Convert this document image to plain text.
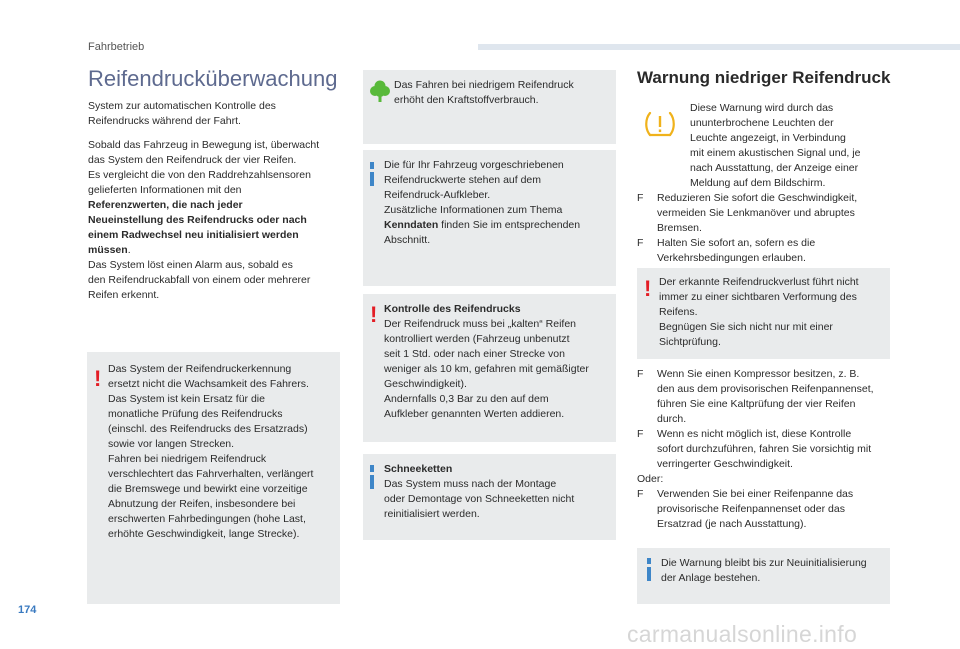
Fahrbetrieb
174
carmanualsonline.info
Reifendrucküberwachung
System zur automatischen Kontrolle des Reifendrucks während der Fahrt.
Sobald das Fahrzeug in Bewegung ist, überwacht
das System den Reifendruck der vier Reifen.
Es vergleicht die von den Raddrehzahlsensoren
gelieferten Informationen mit den
Referenzwerten, die nach jeder
Neueinstellung des Reifendrucks oder nach
einem Radwechsel neu initialisiert werden
müssen.
Das System löst einen Alarm aus, sobald es
den Reifendruckabfall von einem oder mehrerer
Reifen erkennt.
! Das System der Reifendruckerkennung
ersetzt nicht die Wachsamkeit des Fahrers.
Das System ist kein Ersatz für die
monatliche Prüfung des Reifendrucks
(einschl. des Reifendrucks des Ersatzrads)
sowie vor langen Strecken.
Fahren bei niedrigem Reifendruck
verschlechtert das Fahrverhalten, verlängert
die Bremswege und bewirkt eine vorzeitige
Abnutzung der Reifen, insbesondere bei
erschwerten Fahrbedingungen (hohe Last,
erhöhte Geschwindigkeit, lange Strecke).
Das Fahren bei niedrigem Reifendruck
erhöht den Kraftstoffverbrauch.
Die für Ihr Fahrzeug vorgeschriebenen
Reifendruckwerte stehen auf dem
Reifendruck-Aufkleber.
Zusätzliche Informationen zum Thema
Kenndaten finden Sie im entsprechenden
Abschnitt.
! Kontrolle des Reifendrucks
Der Reifendruck muss bei „kalten“ Reifen
kontrolliert werden (Fahrzeug unbenutzt
seit 1 Std. oder nach einer Strecke von
weniger als 10 km, gefahren mit gemäßigter
Geschwindigkeit).
Andernfalls 0,3 Bar zu den auf dem
Aufkleber genannten Werten addieren.
Schneeketten
Das System muss nach der Montage
oder Demontage von Schneeketten nicht
reinitialisiert werden.
Warnung niedriger Reifendruck
Diese Warnung wird durch das
ununterbrochene Leuchten der
Leuchte angezeigt, in Verbindung
mit einem akustischen Signal und, je
nach Ausstattung, der Anzeige einer
Meldung auf dem Bildschirm.
F Reduzieren Sie sofort die Geschwindigkeit,
vermeiden Sie Lenkmanöver und abruptes
Bremsen.
F Halten Sie sofort an, sofern es die
Verkehrsbedingungen erlauben.
! Der erkannte Reifendruckverlust führt nicht
immer zu einer sichtbaren Verformung des
Reifens.
Begnügen Sie sich nicht nur mit einer
Sichtprüfung.
F Wenn Sie einen Kompressor besitzen, z. B.
den aus dem provisorischen Reifenpannenset,
führen Sie eine Kaltprüfung der vier Reifen
durch.
F Wenn es nicht möglich ist, diese Kontrolle
sofort durchzuführen, fahren Sie vorsichtig mit
verringerter Geschwindigkeit.
Oder:
F Verwenden Sie bei einer Reifenpanne das
provisorische Reifenpannenset oder das
Ersatzrad (je nach Ausstattung).
Die Warnung bleibt bis zur Neuinitialisierung
der Anlage bestehen.
